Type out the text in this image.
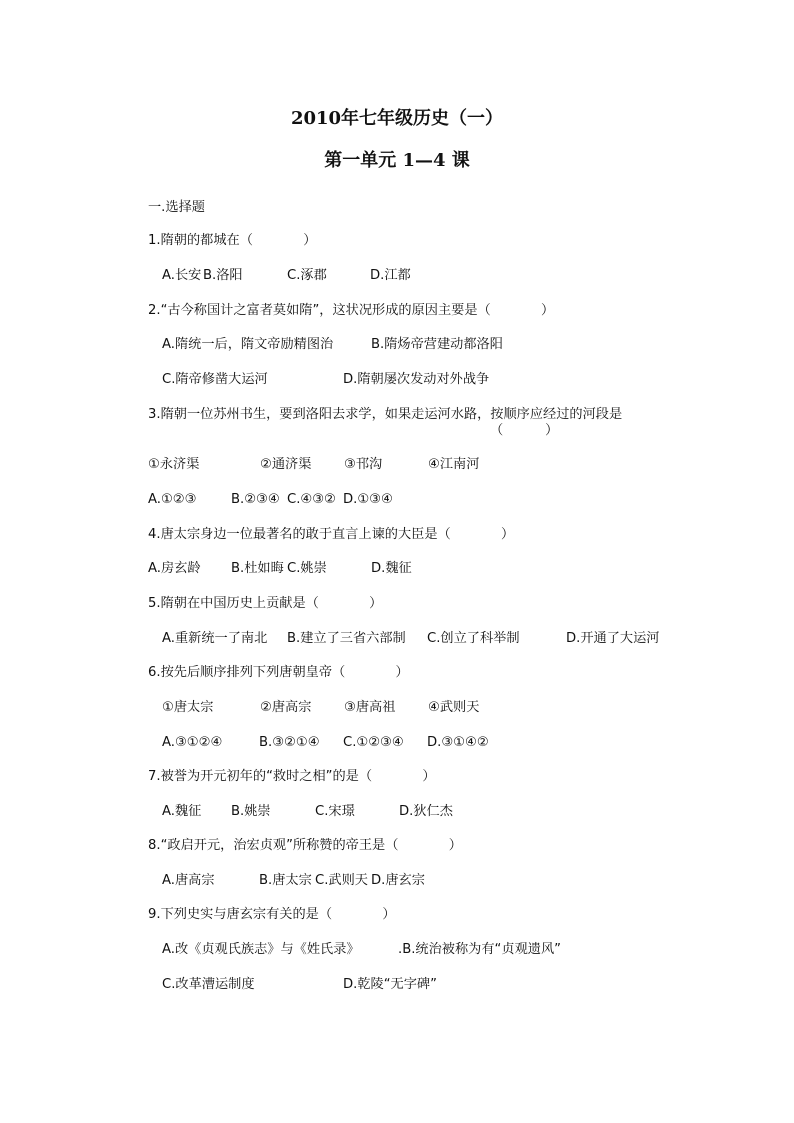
2010年七年级历史（一）
第一单元 1—4 课
一.选择题
1.隋朝的都城在（            ）
A.长安 B.洛阳	C.涿郡	D.江都
2.“古今称国计之富者莫如隋”，这状况形成的原因主要是（            ）
A.隋统一后，隋文帝励精图治	B.隋炀帝营建动都洛阳
C.隋帝修凿大运河	D.隋朝屡次发动对外战争
3.隋朝一位苏州书生，要到洛阳去求学，如果走运河水路，按顺序应经过的河段是
（          ）
①永济渠	②通济渠 ③邗沟	④江南河
A.①②③	B.②③④ C.④③② D.①③④
4.唐太宗身边一位最著名的敢于直言上谏的大臣是（            ）
A.房玄龄 B.杜如晦 C.姚崇	D.魏征
5.隋朝在中国历史上贡献是（            ）
A.重新统一了南北 B.建立了三省六部制 C.创立了科举制	D.开通了大运河
6.按先后顺序排列下列唐朝皇帝（            ）
①唐太宗	②唐高宗 ③唐高祖 ④武则天
A.③①②④	B.③②①④ C.①②③④ D.③①④②
7.被誉为开元初年的“救时之相”的是（            ）
A.魏征 B.姚崇	C.宋璟	D.狄仁杰
8.“政启开元，治宏贞观”所称赞的帝王是（            ）
A.唐高宗	B.唐太宗 C.武则天 D.唐玄宗
9.下列史实与唐玄宗有关的是（            ）
A.改《贞观氏族志》与《姓氏录》	.B.统治被称为有“贞观遗风”
C.改革漕运制度	D.乾陵“无字碑”
